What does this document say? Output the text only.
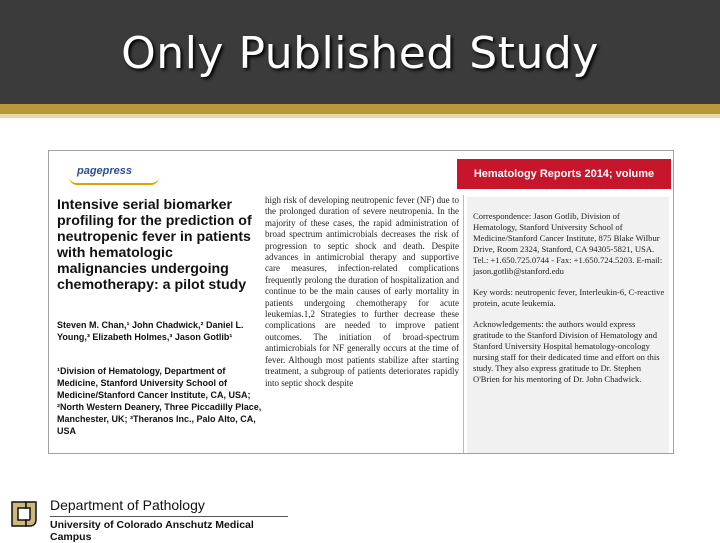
Only Published Study
pagepress	Hematology Reports 2014; volume
Intensive serial biomarker profiling for the prediction of neutropenic fever in patients with hematologic malignancies undergoing chemotherapy: a pilot study
Steven M. Chan,¹ John Chadwick,² Daniel L. Young,³ Elizabeth Holmes,³ Jason Gotlib¹
¹Division of Hematology, Department of Medicine, Stanford University School of Medicine/Stanford Cancer Institute, CA, USA; ²North Western Deanery, Three Piccadilly Place, Manchester, UK; ³Theranos Inc., Palo Alto, CA, USA
high risk of developing neutropenic fever (NF) due to the prolonged duration of severe neutropenia. In the majority of these cases, the rapid administration of broad spectrum antimicrobials decreases the risk of progression to septic shock and death. Despite advances in antimicrobial therapy and supportive care measures, infection-related complications frequently prolong the duration of hospitalization and continue to be the main causes of early mortality in patients undergoing chemotherapy for acute leukemias.1,2 Strategies to further decrease these complications are needed to improve patient outcomes. The initiation of broad-spectrum antimicrobials for NF generally occurs at the time of fever. Although most patients stabilize after starting treatment, a subgroup of patients deteriorates rapidly into septic shock despite

Correspondence: Jason Gotlib, Division of Hematology, Stanford University School of Medicine/Stanford Cancer Institute, 875 Blake Wilbur Drive, Room 2324, Stanford, CA 94305-5821, USA. Tel.: +1.650.725.0744 - Fax: +1.650.724.5203. E-mail: jason.gotlib@stanford.edu

Key words: neutropenic fever, Interleukin-6, C-reactive protein, acute leukemia.

Acknowledgements: the authors would express gratitude to the Stanford Division of Hematology and Stanford University Hospital hematology-oncology nursing staff for their dedicated time and effort on this study. They also express gratitude to Dr. Stephen O'Brien for his mentoring of Dr. John Chadwick.

Department of Pathology
University of Colorado Anschutz Medical Campus
